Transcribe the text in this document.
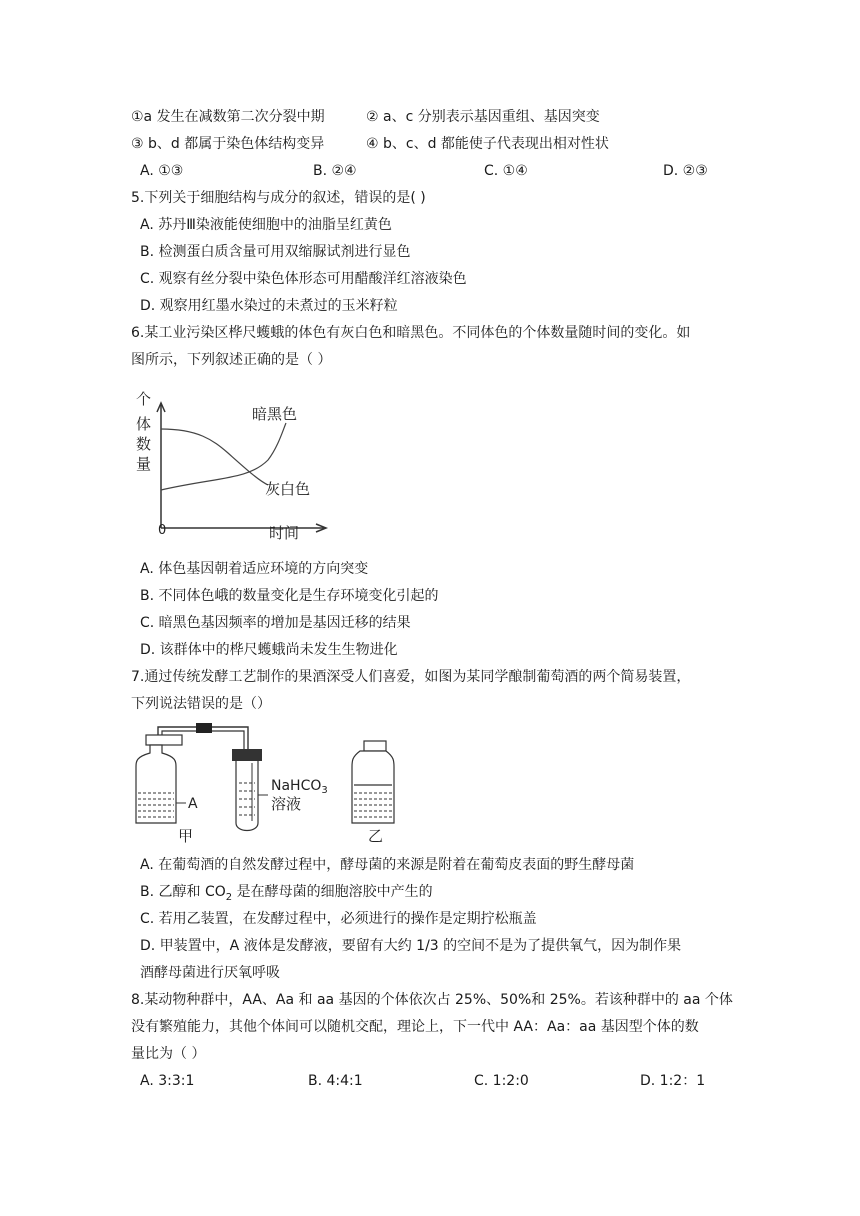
①a 发生在减数第二次分裂中期	② a、c 分别表示基因重组、基因突变
③ b、d 都属于染色体结构变异	④ b、c、d 都能使子代表现出相对性状
A. ①③	B. ②④	C. ①④	D. ②③
5.下列关于细胞结构与成分的叙述，错误的是( )
A. 苏丹Ⅲ染液能使细胞中的油脂呈红黄色
B. 检测蛋白质含量可用双缩脲试剂进行显色
C. 观察有丝分裂中染色体形态可用醋酸洋红溶液染色
D. 观察用红墨水染过的未煮过的玉米籽粒
6.某工业污染区桦尺蠖蛾的体色有灰白色和暗黑色。不同体色的个体数量随时间的变化。如
图所示，下列叙述正确的是（ ）
个
体
数
量
0	时间
暗黑色
灰白色
A. 体色基因朝着适应环境的方向突变
B. 不同体色峨的数量变化是生存环境变化引起的
C. 暗黑色基因频率的增加是基因迁移的结果
D. 该群体中的桦尺蠖蛾尚未发生生物进化
7.通过传统发酵工艺制作的果酒深受人们喜爱，如图为某同学酿制葡萄酒的两个简易装置，
下列说法错误的是（）
A
NaHCO$_3$
溶液
甲	乙
A. 在葡萄酒的自然发酵过程中，酵母菌的来源是附着在葡萄皮表面的野生酵母菌
B. 乙醇和 $CO_2$ 是在酵母菌的细胞溶胶中产生的
C. 若用乙装置，在发酵过程中，必须进行的操作是定期拧松瓶盖
D. 甲装置中，A 液体是发酵液，要留有大约 1/3 的空间不是为了提供氧气，因为制作果
酒酵母菌进行厌氧呼吸
8.某动物种群中，AA、Aa 和 aa 基因的个体依次占 25%、50%和 25%。若该种群中的 aa 个体
没有繁殖能力，其他个体间可以随机交配，理论上，下一代中 AA：Aa：aa 基因型个体的数
量比为（ ）
A. 3:3:1	B. 4:4:1	C. 1:2:0	D. 1:2：1
